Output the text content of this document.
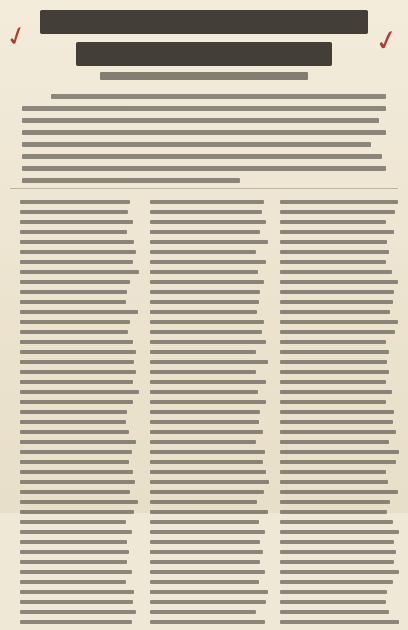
✓	✓
